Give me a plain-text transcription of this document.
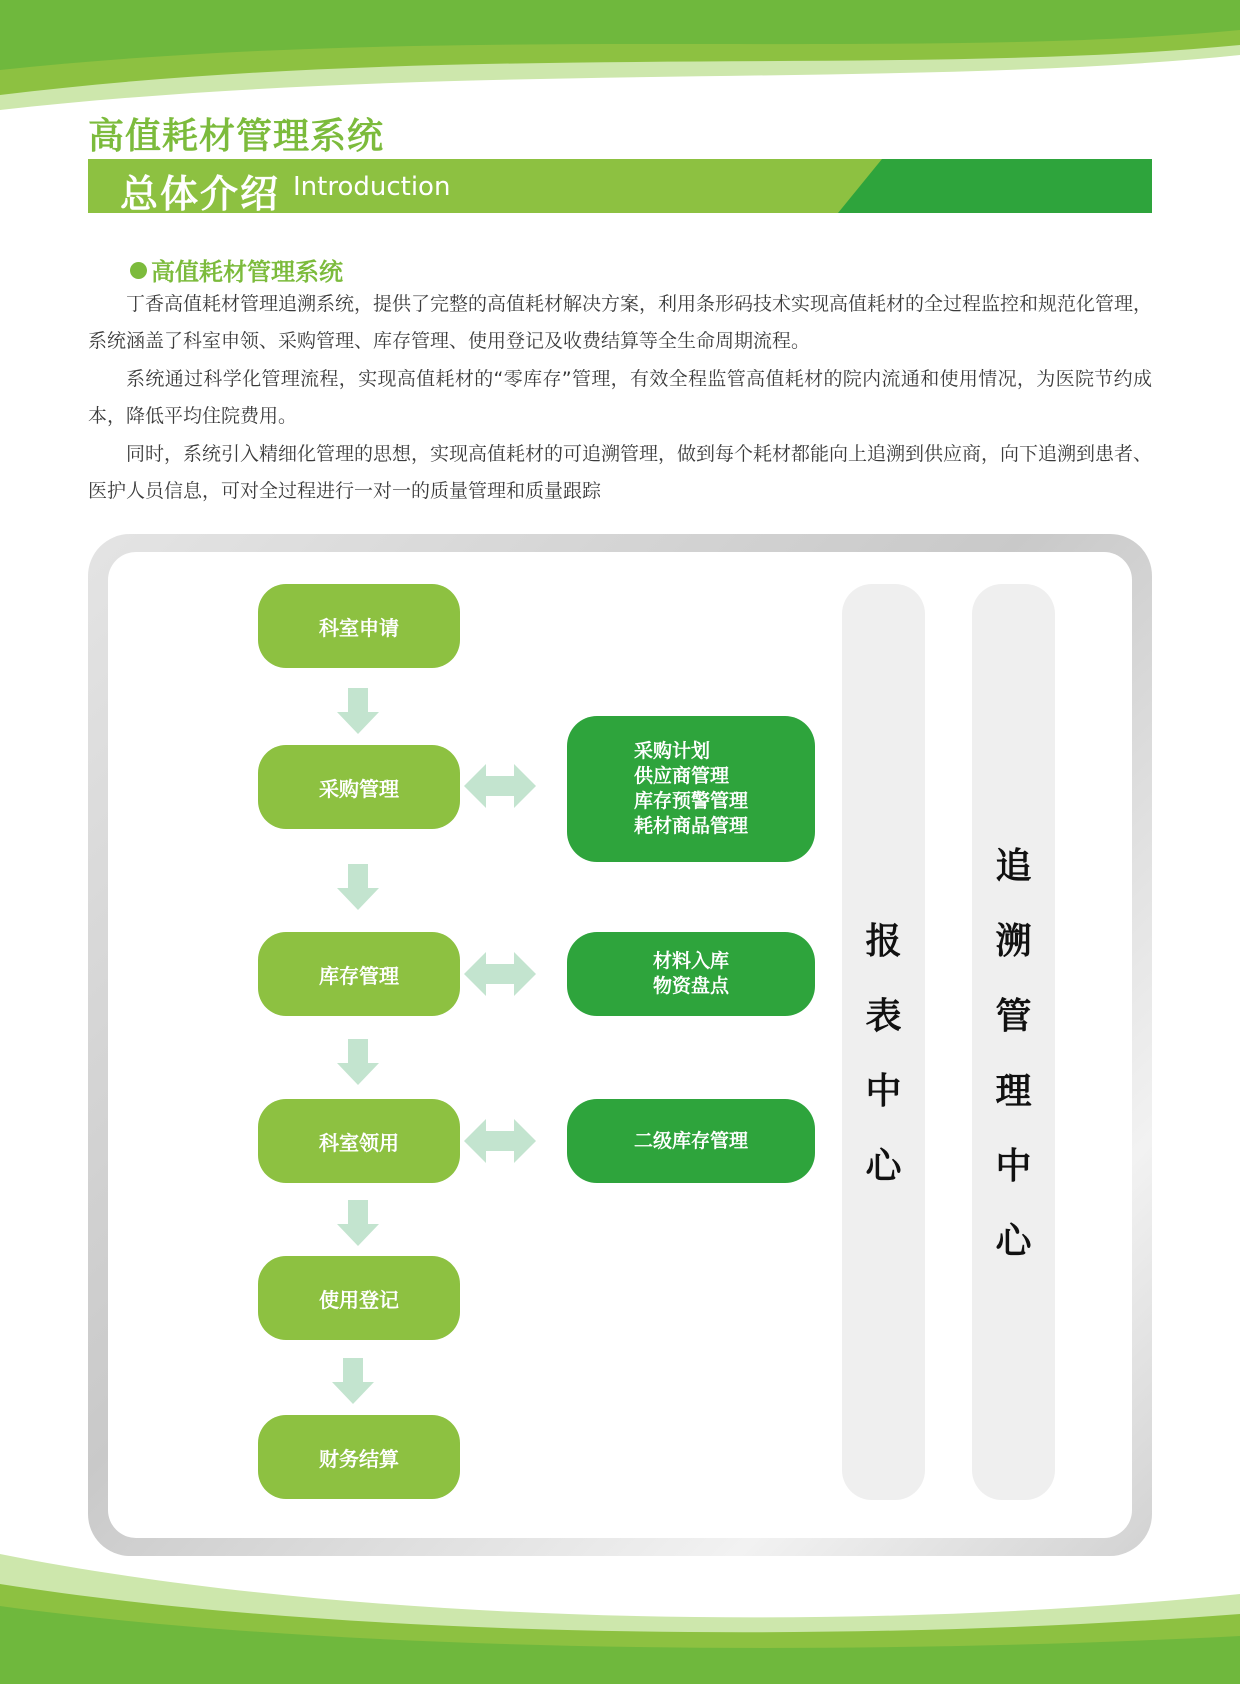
高值耗材管理系统
总体介绍 Introduction
高值耗材管理系统

丁香高值耗材管理追溯系统，提供了完整的高值耗材解决方案，利用条形码技术实现高值耗材的全过程监控和规范化管理，系统涵盖了科室申领、采购管理、库存管理、使用登记及收费结算等全生命周期流程。

系统通过科学化管理流程，实现高值耗材的“零库存”管理，有效全程监管高值耗材的院内流通和使用情况，为医院节约成本，降低平均住院费用。

同时，系统引入精细化管理的思想，实现高值耗材的可追溯管理，做到每个耗材都能向上追溯到供应商，向下追溯到患者、医护人员信息，可对全过程进行一对一的质量管理和质量跟踪

科室申请
采购管理
库存管理
科室领用
使用登记
财务结算
采购计划
供应商管理
库存预警管理
耗材商品管理
材料入库
物资盘点
二级库存管理
报
表
中
心
追
溯
管
理
中
心
